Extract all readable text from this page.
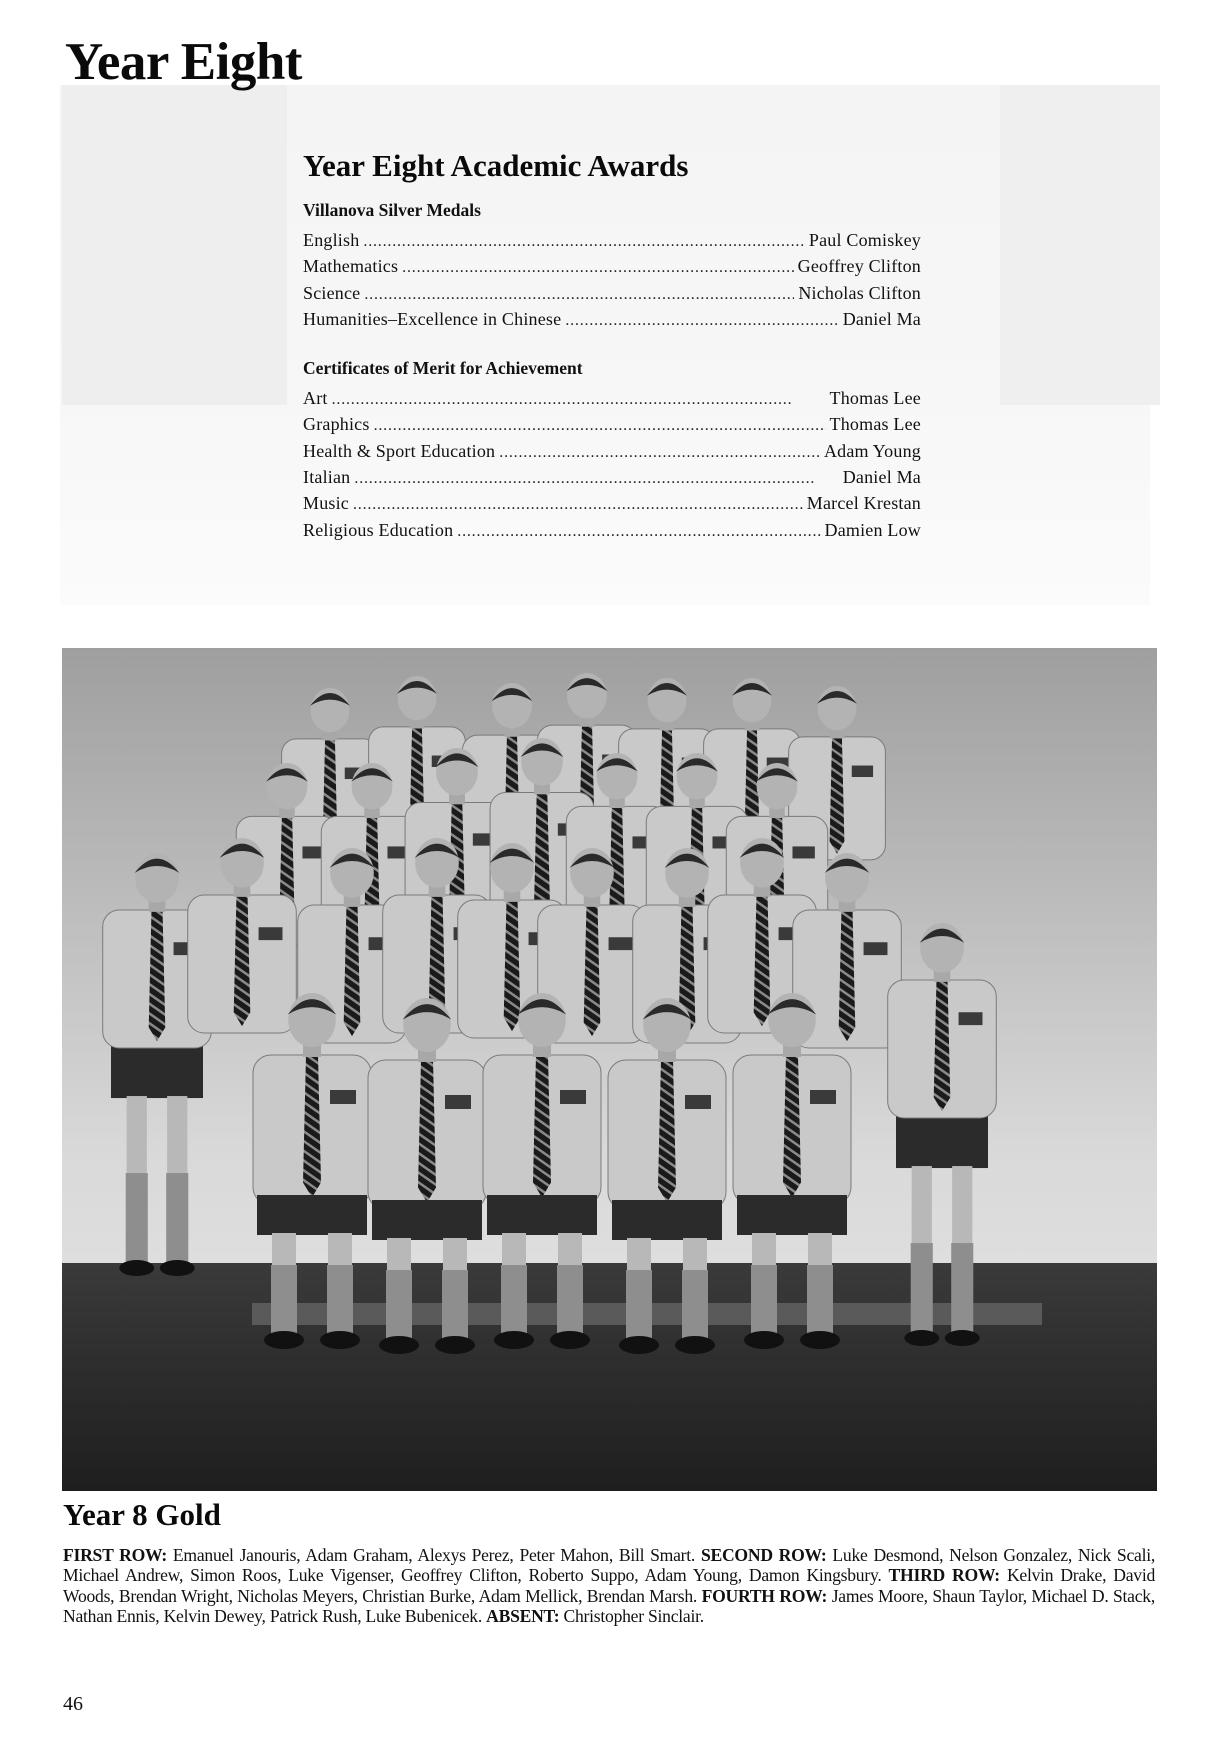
Year Eight
Year Eight Academic Awards
Villanova Silver Medals
English . . .	Paul Comiskey
Mathematics . . .	Geoffrey Clifton
Science . . .	Nicholas Clifton
Humanities–Excellence in Chinese . . .	Daniel Ma
Certificates of Merit for Achievement
Art . . .	Thomas Lee
Graphics . . .	Thomas Lee
Health & Sport Education . . .	Adam Young
Italian . . .	Daniel Ma
Music . . .	Marcel Krestan
Religious Education . . .	Damien Low
Year 8 Gold

FIRST ROW: Emanuel Janouris, Adam Graham, Alexys Perez, Peter Mahon, Bill Smart. SECOND ROW: Luke Desmond, Nelson Gonzalez, Nick Scali, Michael Andrew, Simon Roos, Luke Vigenser, Geoffrey Clifton, Roberto Suppo, Adam Young, Damon Kingsbury. THIRD ROW: Kelvin Drake, David Woods, Brendan Wright, Nicholas Meyers, Christian Burke, Adam Mellick, Brendan Marsh. FOURTH ROW: James Moore, Shaun Taylor, Michael D. Stack, Nathan Ennis, Kelvin Dewey, Patrick Rush, Luke Bubenicek. ABSENT: Christopher Sinclair.

46
